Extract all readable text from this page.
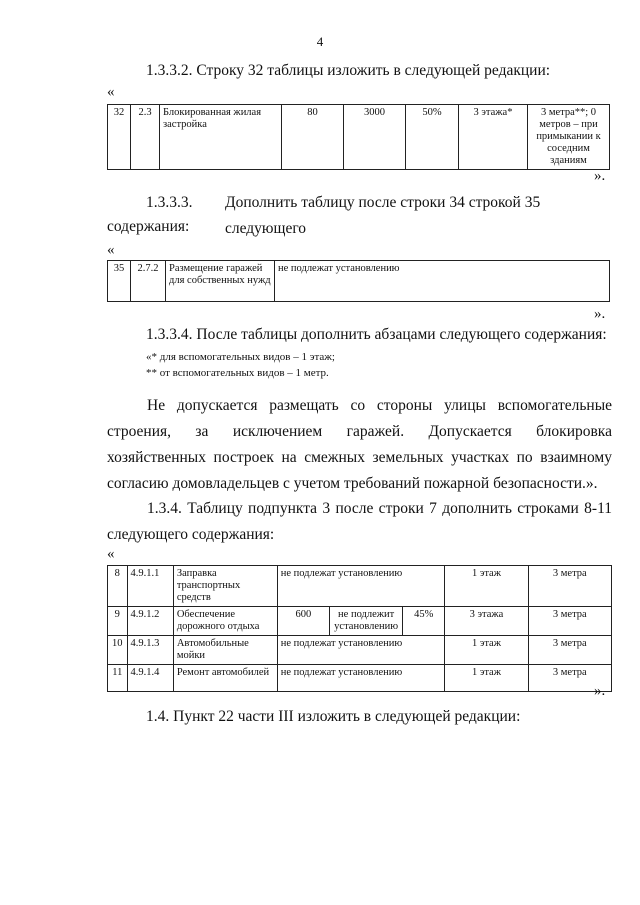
4
1.3.3.2. Строку 32 таблицы изложить в следующей редакции:
«
32	2.3	Блокированная жилая застройка	80	3000	50%	3 этажа*	3 метра**; 0 метров – при примыкании к соседним зданиям
».
1.3.3.3. Дополнить таблицу после строки 34 строкой 35 следующего
содержания:
«
35	2.7.2	Размещение гаражей для собственных нужд	не подлежат установлению
».
1.3.3.4. После таблицы дополнить абзацами следующего содержания:
«* для вспомогательных видов – 1 этаж;
** от вспомогательных видов – 1 метр.
Не допускается размещать со стороны улицы вспомогательные строения, за исключением гаражей. Допускается блокировка хозяйственных построек на смежных земельных участках по взаимному согласию домовладельцев с учетом требований пожарной безопасности.».
1.3.4. Таблицу подпункта 3 после строки 7 дополнить строками 8-11 следующего содержания:
«
8	4.9.1.1	Заправка транспортных средств	не подлежат установлению			1 этаж	3 метра
9	4.9.1.2	Обеспечение дорожного отдыха	600	не подлежит установлению	45%	3 этажа	3 метра
10	4.9.1.3	Автомобильные мойки	не подлежат установлению			1 этаж	3 метра
11	4.9.1.4	Ремонт автомобилей	не подлежат установлению			1 этаж	3 метра
».
1.4. Пункт 22 части III изложить в следующей редакции:
